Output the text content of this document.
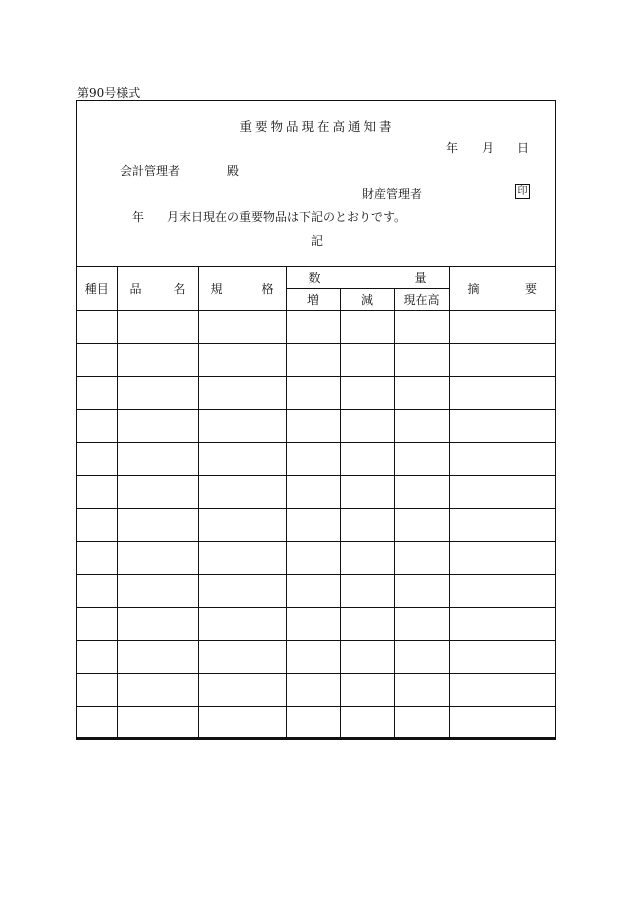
第90号様式
重要物品現在高通知書
年 月 日
会計管理者	殿
財産管理者	印
年 月末日現在の重要物品は下記のとおりです。
記
種目	品 名	規 格	数 量			摘 要

			増	減	現在高	
